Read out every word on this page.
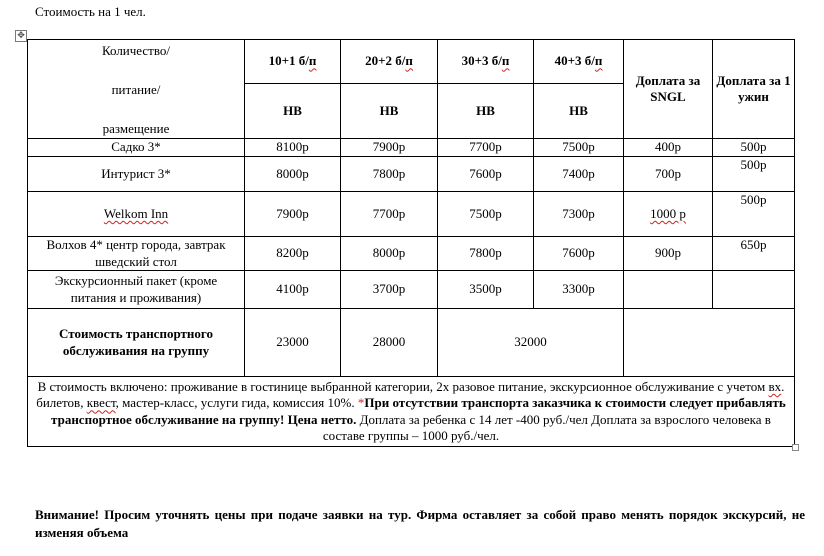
Стоимость на 1 чел.
✥
Количество/
питание/
размещение	10+1 б/п	20+2 б/п	30+3 б/п	40+3 б/п	Доплата за SNGL	Доплата за 1 ужин
	НВ	НВ	НВ	НВ		
Садко 3*	8100р	7900р	7700р	7500р	400р	500р
Интурист 3*	8000р	7800р	7600р	7400р	700р	500р
Welkom Inn	7900р	7700р	7500р	7300р	1000 р	500р
Волхов 4* центр города, завтрак шведский стол	8200р	8000р	7800р	7600р	900р	650р
Экскурсионный пакет (кроме питания и проживания)	4100р	3700р	3500р	3300р		
Стоимость транспортного обслуживания на группу	23000	28000	32000			
В стоимость включено: проживание в гостинице выбранной категории, 2х разовое питание, экскурсионное обслуживание с учетом вх. билетов, квест, мастер-класс, услуги гида, комиссия 10%. *При отсутствии транспорта заказчика к стоимости следует прибавлять транспортное обслуживание на группу! Цена нетто. Доплата за ребенка с 14 лет -400 руб./чел Доплата за взрослого человека в составе группы – 1000 руб./чел.						
Внимание! Просим уточнять цены при подаче заявки на тур. Фирма оставляет за собой право менять порядок экскурсий, не изменяя объема
